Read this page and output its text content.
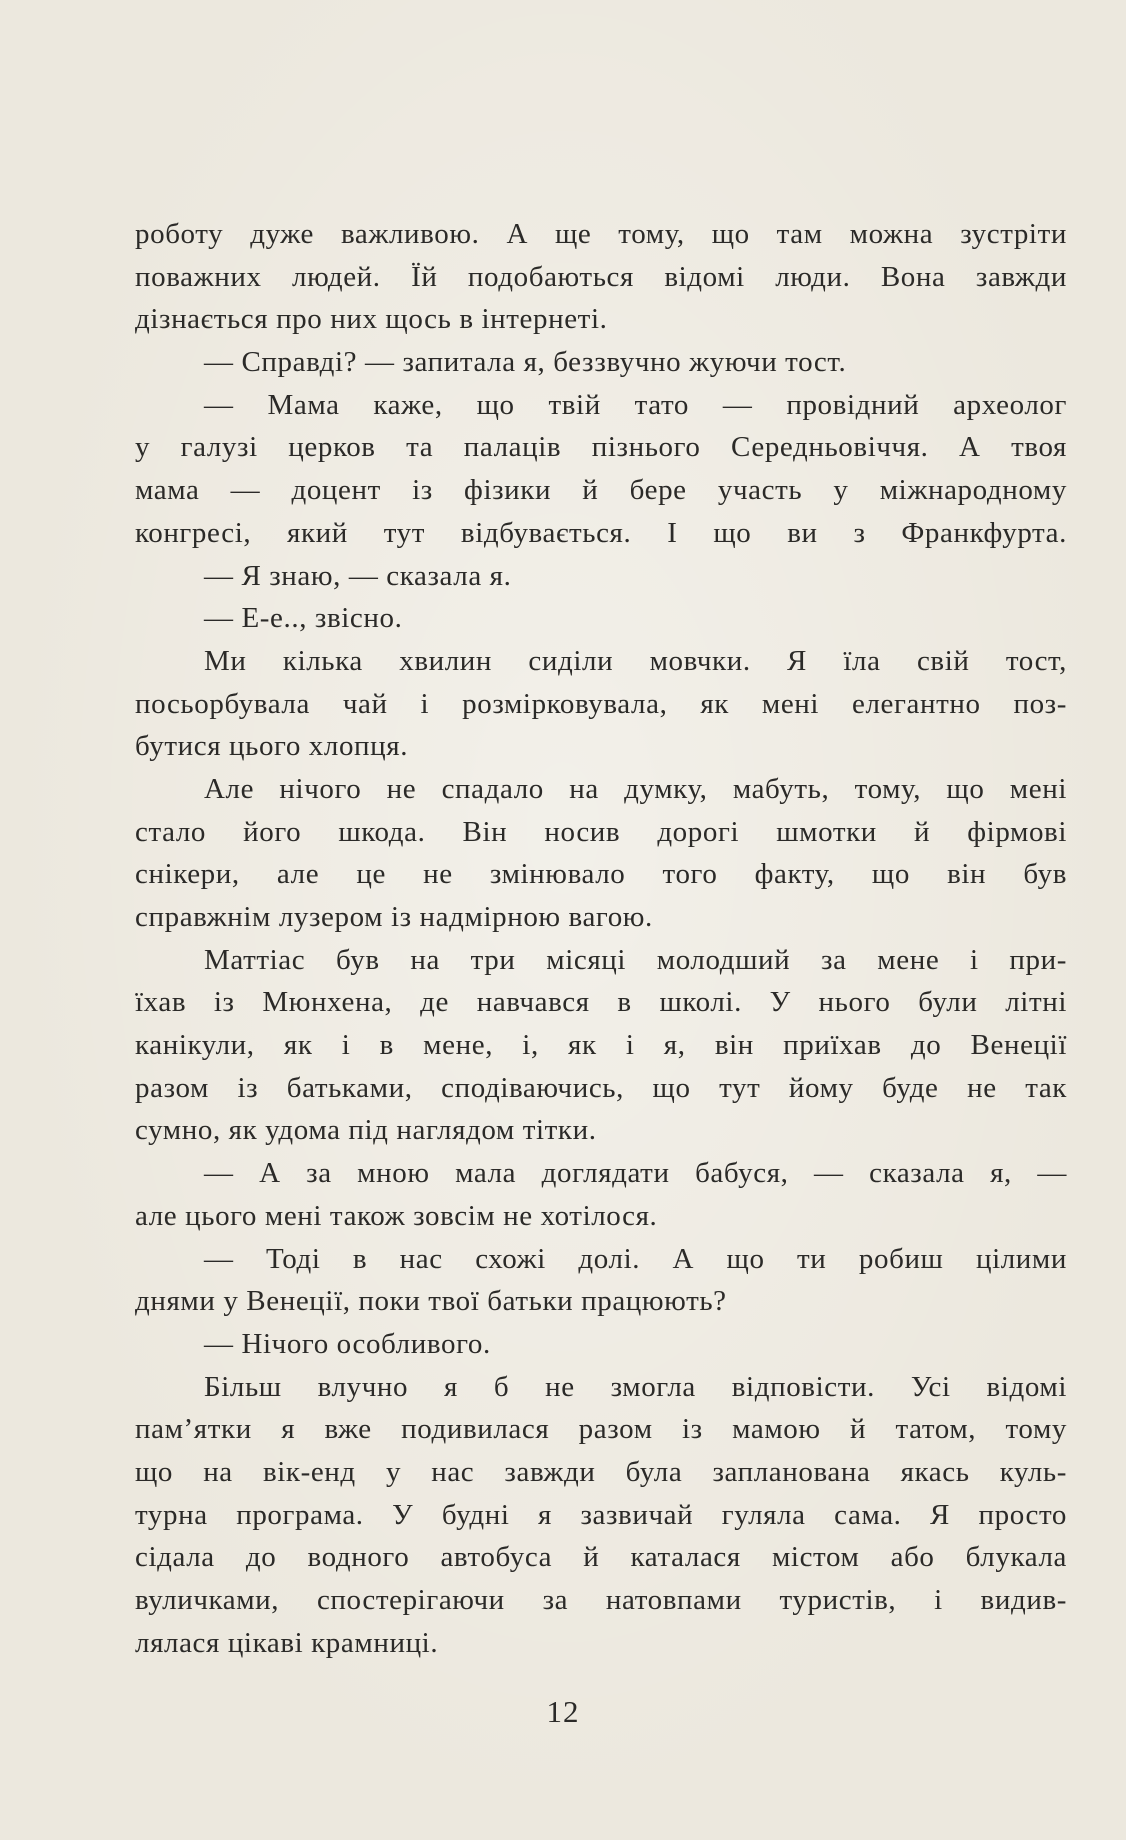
роботу дуже важливою. А ще тому, що там можна зустріти
поважних людей. Їй подобаються відомі люди. Вона завжди
дізнається про них щось в інтернеті.
— Справді? — запитала я, беззвучно жуючи тост.
— Мама каже, що твій тато — провідний археолог
у галузі церков та палаців пізнього Середньовіччя. А твоя
мама — доцент із фізики й бере участь у міжнародному
конгресі, який тут відбувається. І що ви з Франкфурта.
— Я знаю, — сказала я.
— Е-е.., звісно.
Ми кілька хвилин сиділи мовчки. Я їла свій тост,
посьорбувала чай і розмірковувала, як мені елегантно поз-
бутися цього хлопця.
Але нічого не спадало на думку, мабуть, тому, що мені
стало його шкода. Він носив дорогі шмотки й фірмові
снікери, але це не змінювало того факту, що він був
справжнім лузером із надмірною вагою.
Маттіас був на три місяці молодший за мене і при-
їхав із Мюнхена, де навчався в школі. У нього були літні
канікули, як і в мене, і, як і я, він приїхав до Венеції
разом із батьками, сподіваючись, що тут йому буде не так
сумно, як удома під наглядом тітки.
— А за мною мала доглядати бабуся, — сказала я, —
але цього мені також зовсім не хотілося.
— Тоді в нас схожі долі. А що ти робиш цілими
днями у Венеції, поки твої батьки працюють?
— Нічого особливого.
Більш влучно я б не змогла відповісти. Усі відомі
пам’ятки я вже подивилася разом із мамою й татом, тому
що на вік-енд у нас завжди була запланована якась куль-
турна програма. У будні я зазвичай гуляла сама. Я просто
сідала до водного автобуса й каталася містом або блукала
вуличками, спостерігаючи за натовпами туристів, і видив-
лялася цікаві крамниці.
12
